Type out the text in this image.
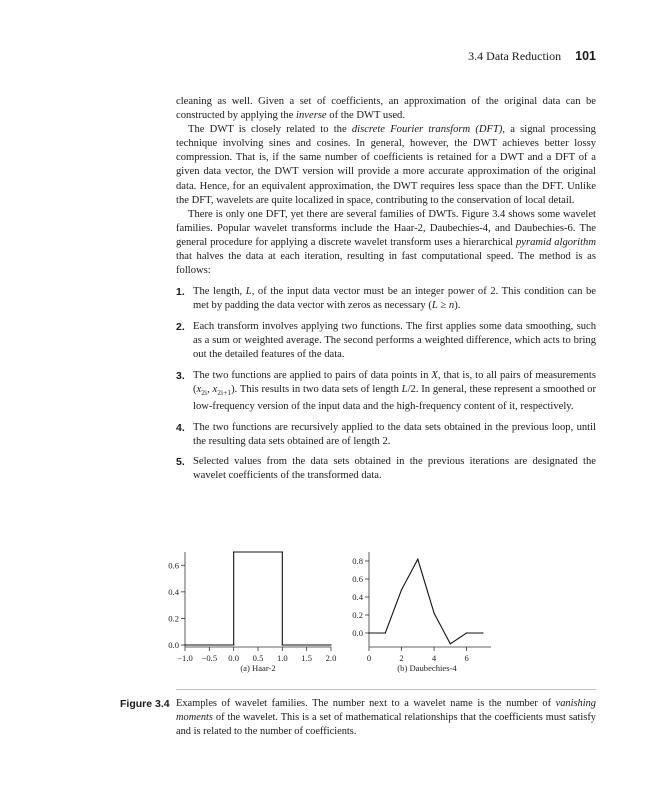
3.4 Data Reduction 101

cleaning as well. Given a set of coefficients, an approximation of the original data can be constructed by applying the inverse of the DWT used.

The DWT is closely related to the discrete Fourier transform (DFT), a signal processing technique involving sines and cosines. In general, however, the DWT achieves better lossy compression. That is, if the same number of coefficients is retained for a DWT and a DFT of a given data vector, the DWT version will provide a more accurate approximation of the original data. Hence, for an equivalent approximation, the DWT requires less space than the DFT. Unlike the DFT, wavelets are quite localized in space, contributing to the conservation of local detail.

There is only one DFT, yet there are several families of DWTs. Figure 3.4 shows some wavelet families. Popular wavelet transforms include the Haar-2, Daubechies-4, and Daubechies-6. The general procedure for applying a discrete wavelet transform uses a hierarchical pyramid algorithm that halves the data at each iteration, resulting in fast computational speed. The method is as follows:

1. The length, L, of the input data vector must be an integer power of 2. This condition can be met by padding the data vector with zeros as necessary (L ≥ n).
2. Each transform involves applying two functions. The first applies some data smoothing, such as a sum or weighted average. The second performs a weighted difference, which acts to bring out the detailed features of the data.
3. The two functions are applied to pairs of data points in X, that is, to all pairs of measurements ($x_{2i}$, $x_{2i+1}$). This results in two data sets of length L/2. In general, these represent a smoothed or low-frequency version of the input data and the high-frequency content of it, respectively.
4. The two functions are recursively applied to the data sets obtained in the previous loop, until the resulting data sets obtained are of length 2.
5. Selected values from the data sets obtained in the previous iterations are designated the wavelet coefficients of the transformed data.
0.0
0.2
0.4
0.6
−1.0 −0.5 0.0 0.5 1.0 1.5 2.0
(a) Haar-2
0.0
0.2
0.4
0.6
0.8
0	2	4	6
(b) Daubechies-4
Figure 3.4 Examples of wavelet families. The number next to a wavelet name is the number of vanishing moments of the wavelet. This is a set of mathematical relationships that the coefficients must satisfy and is related to the number of coefficients.
